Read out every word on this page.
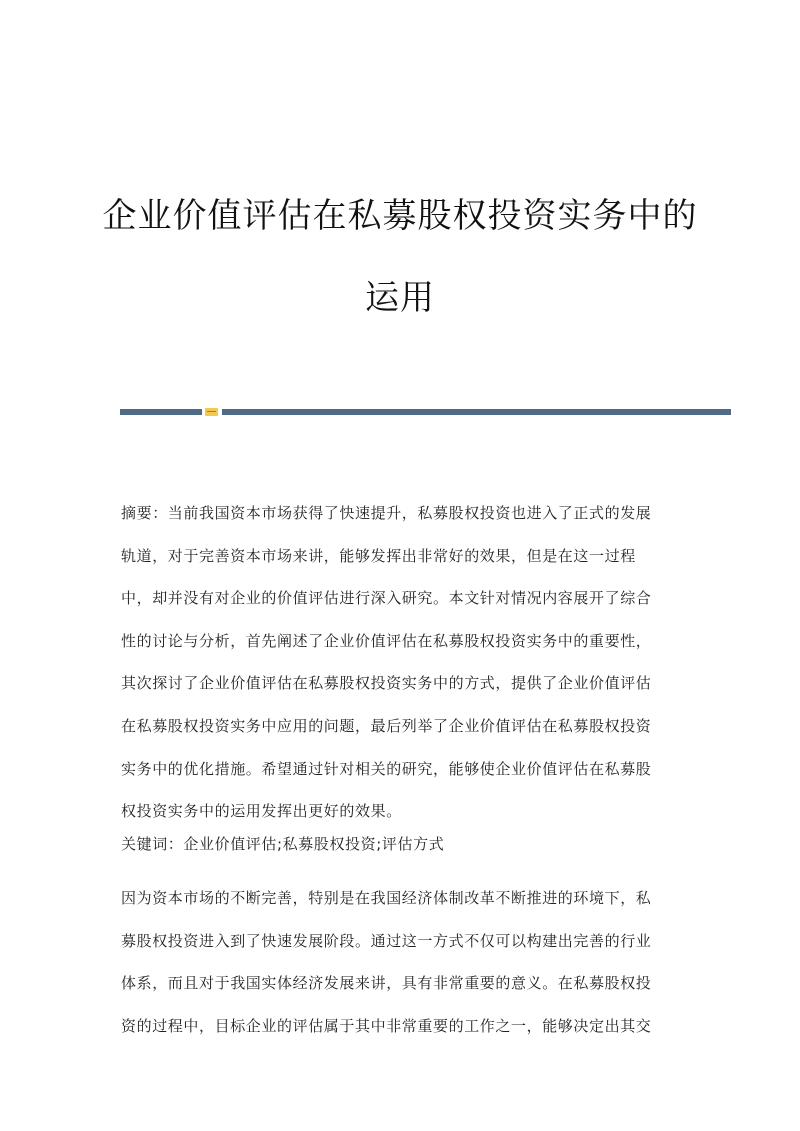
企业价值评估在私募股权投资实务中的
运用
摘要：当前我国资本市场获得了快速提升，私募股权投资也进入了正式的发展
轨道，对于完善资本市场来讲，能够发挥出非常好的效果，但是在这一过程
中，却并没有对企业的价值评估进行深入研究。本文针对情况内容展开了综合
性的讨论与分析，首先阐述了企业价值评估在私募股权投资实务中的重要性，
其次探讨了企业价值评估在私募股权投资实务中的方式，提供了企业价值评估
在私募股权投资实务中应用的问题，最后列举了企业价值评估在私募股权投资
实务中的优化措施。希望通过针对相关的研究，能够使企业价值评估在私募股
权投资实务中的运用发挥出更好的效果。
关键词：企业价值评估;私募股权投资;评估方式
因为资本市场的不断完善，特别是在我国经济体制改革不断推进的环境下，私
募股权投资进入到了快速发展阶段。通过这一方式不仅可以构建出完善的行业
体系，而且对于我国实体经济发展来讲，具有非常重要的意义。在私募股权投
资的过程中，目标企业的评估属于其中非常重要的工作之一，能够决定出其交
